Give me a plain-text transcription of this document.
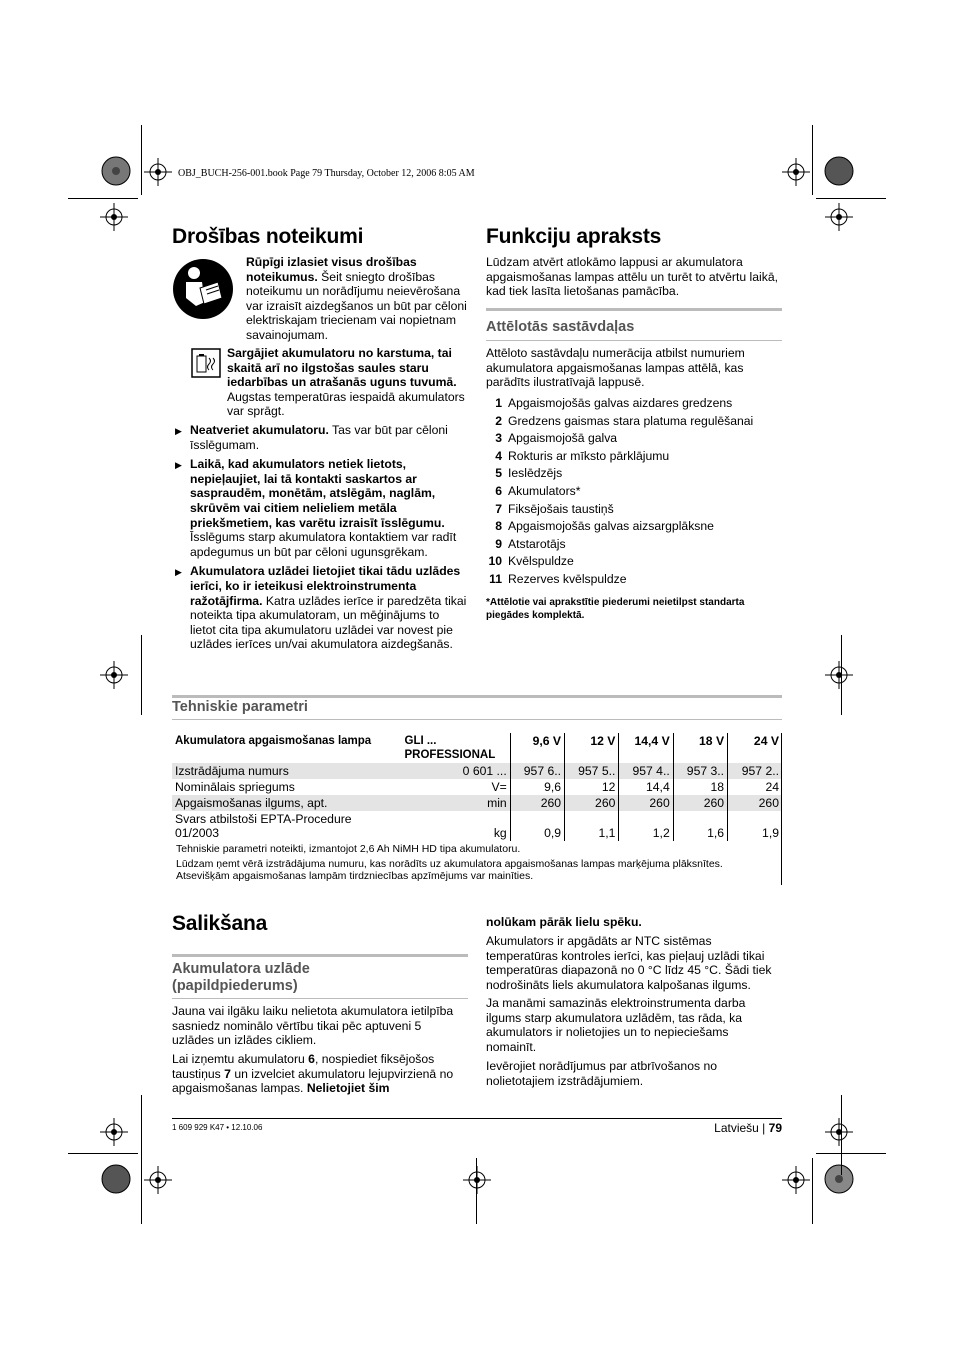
OBJ_BUCH-256-001.book Page 79 Thursday, October 12, 2006 8:05 AM
Drošības noteikumi

Rūpīgi izlasiet visus drošības noteikumus. Šeit sniegto drošības noteikumu un norādījumu neievērošana var izraisīt aizdegšanos un būt par cēloni elektriskajam triecienam vai nopietnam savainojumam.

Sargājiet akumulatoru no karstuma, tai skaitā arī no ilgstošas saules staru iedarbības un atrašanās uguns tuvumā. Augstas temperatūras iespaidā akumulators var sprāgt.

▶ Neatveriet akumulatoru. Tas var būt par cēloni īsslēgumam.
▶ Laikā, kad akumulators netiek lietots, nepieļaujiet, lai tā kontakti saskartos ar saspraudēm, monētām, atslēgām, naglām, skrūvēm vai citiem nelieliem metāla priekšmetiem, kas varētu izraisīt īsslēgumu. Īsslēgums starp akumulatora kontaktiem var radīt apdegumus un būt par cēloni ugunsgrēkam.
▶ Akumulatora uzlādei lietojiet tikai tādu uzlādes ierīci, ko ir ieteikusi elektroinstrumenta ražotājfirma. Katra uzlādes ierīce ir paredzēta tikai noteikta tipa akumulatoram, un mēģinājums to lietot cita tipa akumulatoru uzlādei var novest pie uzlādes ierīces un/vai akumulatora aizdegšanās.
Funkciju apraksts

Lūdzam atvērt atlokāmo lappusi ar akumulatora apgaismošanas lampas attēlu un turēt to atvērtu laikā, kad tiek lasīta lietošanas pamācība.

Attēlotās sastāvdaļas

Attēloto sastāvdaļu numerācija atbilst numuriem akumulatora apgaismošanas lampas attēlā, kas parādīts ilustratīvajā lappusē.

1 Apgaismojošās galvas aizdares gredzens
2 Gredzens gaismas stara platuma regulēšanai
3 Apgaismojošā galva
4 Rokturis ar mīksto pārklājumu
5 Ieslēdzējs
6 Akumulators*
7 Fiksējošais taustiņš
8 Apgaismojošās galvas aizsargplāksne
9 Atstarotājs
10 Kvēlspuldze
11 Rezerves kvēlspuldze

*Attēlotie vai aprakstītie piederumi neietilpst standarta piegādes komplektā.

Tehniskie parametri
Akumulatora apgaismošanas lampa	GLI ...
PROFESSIONAL	9,6 V	12 V	14,4 V	18 V	24 V
Izstrādājuma numurs	0 601 ...	957 6..	957 5..	957 4..	957 3..	957 2..
Nominālais spriegums	V=	9,6	12	14,4	18	24
Apgaismošanas ilgums, apt.	min	260	260	260	260	260
Svars atbilstoši EPTA-Procedure 01/2003	kg	0,9	1,1	1,2	1,6	1,9

Tehniskie parametri noteikti, izmantojot 2,6 Ah NiMH HD tipa akumulatoru.

Lūdzam ņemt vērā izstrādājuma numuru, kas norādīts uz akumulatora apgaismošanas lampas marķējuma plāksnītes. Atsevišķām apgaismošanas lampām tirdzniecības apzīmējums var mainīties.

Salikšana
Akumulatora uzlāde (papildpiederums)

Jauna vai ilgāku laiku nelietota akumulatora ietilpība sasniedz nominālo vērtību tikai pēc aptuveni 5 uzlādes un izlādes cikliem.

Lai izņemtu akumulatoru 6, nospiediet fiksējošos taustiņus 7 un izvelciet akumulatoru lejupvirzienā no apgaismošanas lampas. Nelietojiet šim

nolūkam pārāk lielu spēku.

Akumulators ir apgādāts ar NTC sistēmas temperatūras kontroles ierīci, kas pieļauj uzlādi tikai temperatūras diapazonā no 0 °C līdz 45 °C. Šādi tiek nodrošināts liels akumulatora kalpošanas ilgums.

Ja manāmi samazinās elektroinstrumenta darba ilgums starp akumulatora uzlādēm, tas rāda, ka akumulators ir nolietojies un to nepieciešams nomainīt.

Ievērojiet norādījumus par atbrīvošanos no nolietotajiem izstrādājumiem.

1 609 929 K47 • 12.10.06	Latviešu | 79
